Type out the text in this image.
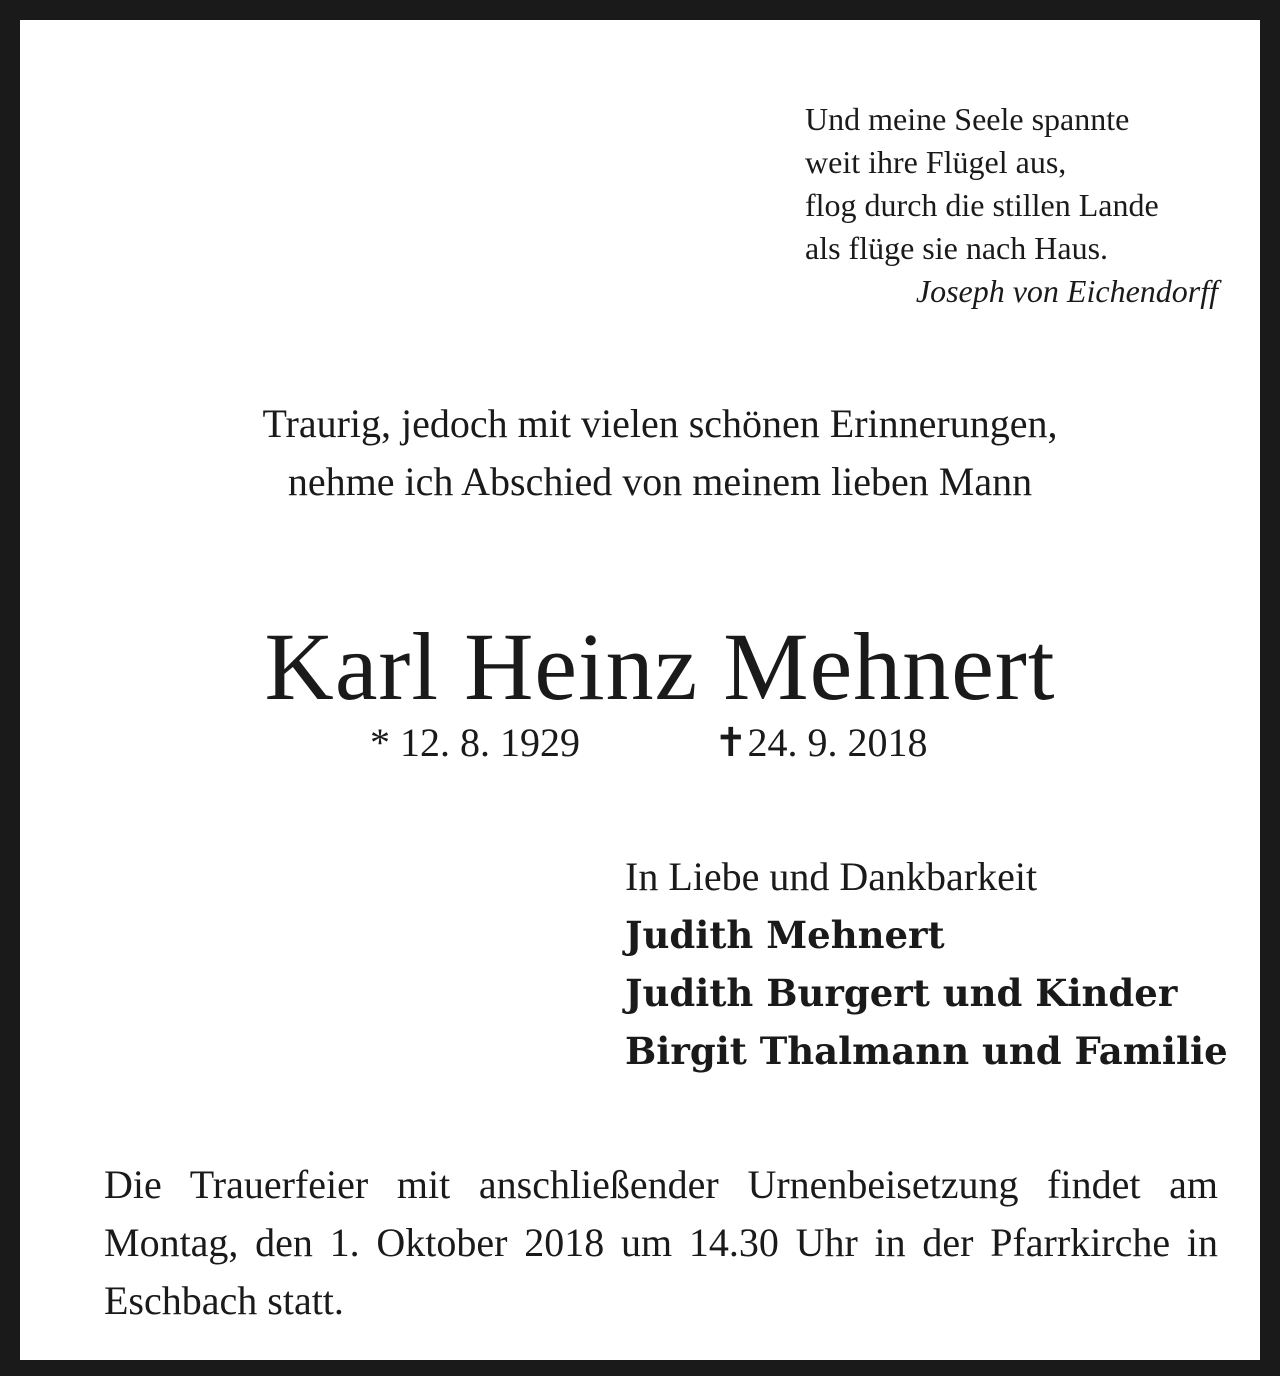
Und meine Seele spannte
weit ihre Flügel aus,
flog durch die stillen Lande
als flüge sie nach Haus.
Joseph von Eichendorff
Traurig, jedoch mit vielen schönen Erinnerungen,
nehme ich Abschied von meinem lieben Mann
Karl Heinz Mehnert
* 12. 8. 1929	✝24. 9. 2018
In Liebe und Dankbarkeit
Judith Mehnert
Judith Burgert und Kinder
Birgit Thalmann und Familie
Die Trauerfeier mit anschließender Urnenbeisetzung findet am Montag, den 1. Oktober 2018 um 14.30 Uhr in der Pfarrkirche in Eschbach statt.
